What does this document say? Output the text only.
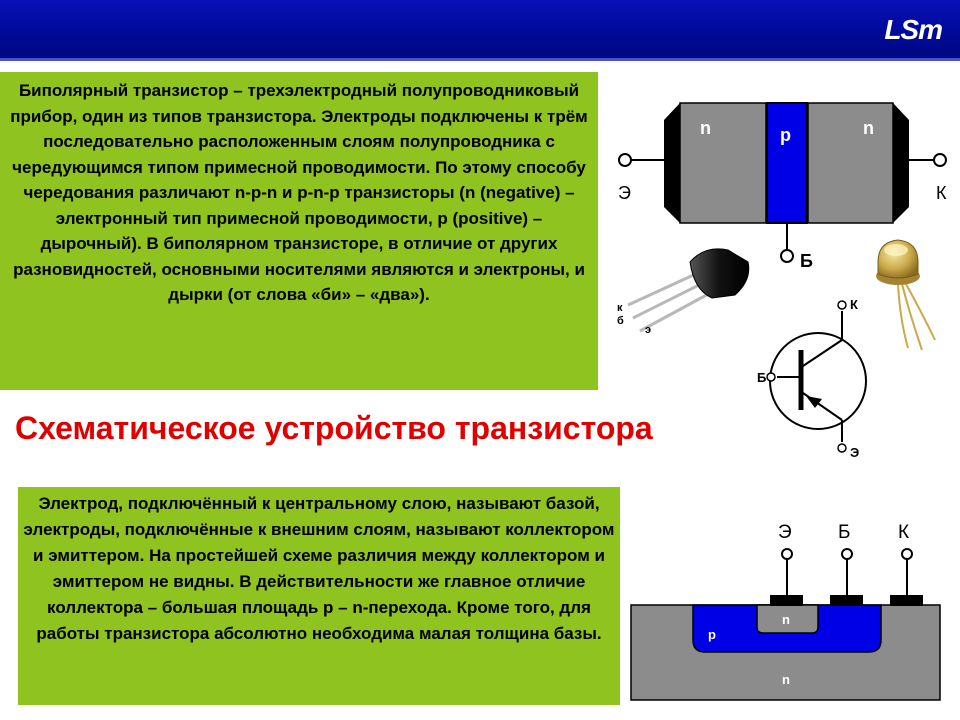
LSm
Биполярный транзистор – трехэлектродный полупроводниковый прибор, один из типов транзистора. Электроды подключены к трём последовательно расположенным слоям полупроводника с чередующимся типом примесной проводимости. По этому способу чередования различают n-p-n и p-n-p транзисторы (n (negative) – электронный тип примесной проводимости, p (positive) – дырочный). В биполярном транзисторе, в отличие от других разновидностей, основными носителями являются и электроны, и дырки (от слова «би» – «два»).
Схематическое устройство транзистора
Электрод, подключённый к центральному слою, называют базой, электроды, подключённые к внешним слоям, называют коллектором и эмиттером. На простейшей схеме различия между коллектором и эмиттером не видны. В действительности же главное отличие коллектора – большая площадь p – n-перехода. Кроме того, для работы транзистора абсолютно необходима малая толщина базы.
n	p	n
Э
Б
К
к
б
э
К
Б
Э
Э Б	К
n
p
n
